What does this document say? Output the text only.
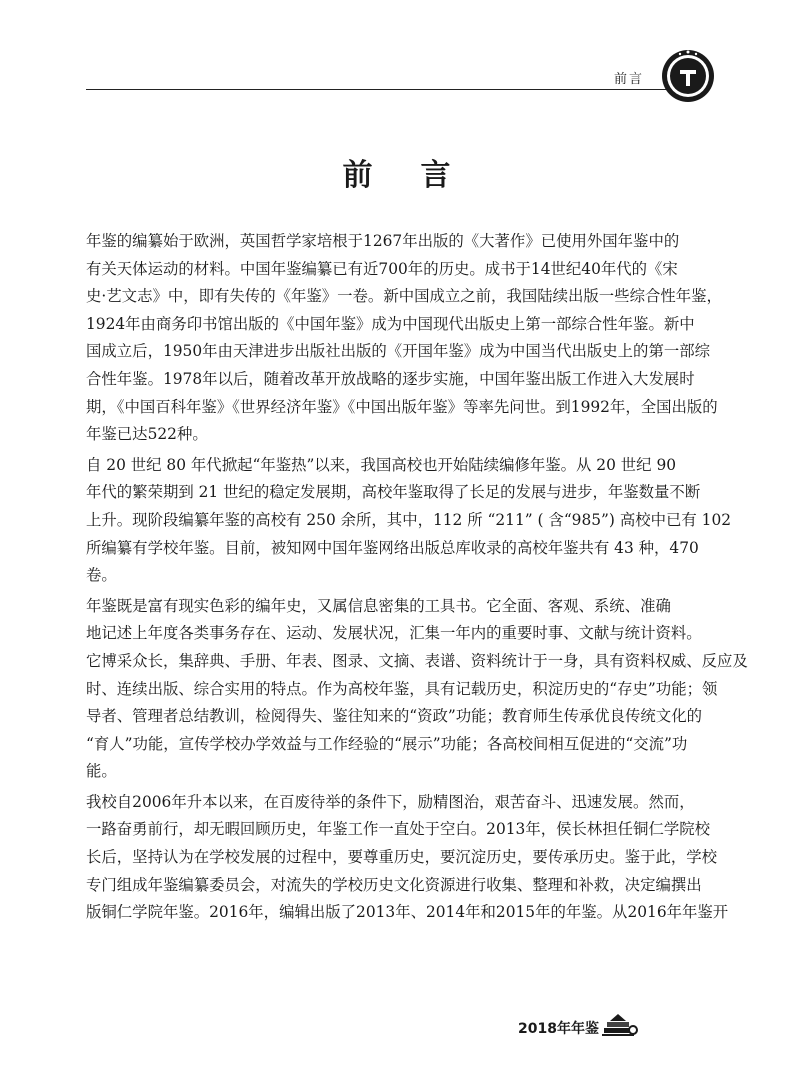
前言
前言

年鉴的编纂始于欧洲，英国哲学家培根于1267年出版的《大著作》已使用外国年鉴中的
有关天体运动的材料。中国年鉴编纂已有近700年的历史。成书于14世纪40年代的《宋
史·艺文志》中，即有失传的《年鉴》一卷。新中国成立之前，我国陆续出版一些综合性年鉴，
1924年由商务印书馆出版的《中国年鉴》成为中国现代出版史上第一部综合性年鉴。新中
国成立后，1950年由天津进步出版社出版的《开国年鉴》成为中国当代出版史上的第一部综
合性年鉴。1978年以后，随着改革开放战略的逐步实施，中国年鉴出版工作进入大发展时
期，《中国百科年鉴》《世界经济年鉴》《中国出版年鉴》等率先问世。到1992年，全国出版的
年鉴已达522种。

自 20 世纪 80 年代掀起“年鉴热”以来，我国高校也开始陆续编修年鉴。从 20 世纪 90
年代的繁荣期到 21 世纪的稳定发展期，高校年鉴取得了长足的发展与进步，年鉴数量不断
上升。现阶段编纂年鉴的高校有 250 余所，其中，112 所 “211” ( 含“985”) 高校中已有 102
所编纂有学校年鉴。目前，被知网中国年鉴网络出版总库收录的高校年鉴共有 43 种，470
卷。

年鉴既是富有现实色彩的编年史，又属信息密集的工具书。它全面、客观、系统、准确
地记述上年度各类事务存在、运动、发展状况，汇集一年内的重要时事、文献与统计资料。
它博采众长，集辞典、手册、年表、图录、文摘、表谱、资料统计于一身，具有资料权威、反应及
时、连续出版、综合实用的特点。作为高校年鉴，具有记载历史，积淀历史的“存史”功能；领
导者、管理者总结教训，检阅得失、鉴往知来的“资政”功能；教育师生传承优良传统文化的
“育人”功能，宣传学校办学效益与工作经验的“展示”功能；各高校间相互促进的“交流”功
能。

我校自2006年升本以来，在百废待举的条件下，励精图治，艰苦奋斗、迅速发展。然而，
一路奋勇前行，却无暇回顾历史，年鉴工作一直处于空白。2013年，侯长林担任铜仁学院校
长后，坚持认为在学校发展的过程中，要尊重历史，要沉淀历史，要传承历史。鉴于此，学校
专门组成年鉴编纂委员会，对流失的学校历史文化资源进行收集、整理和补救，决定编撰出
版铜仁学院年鉴。2016年，编辑出版了2013年、2014年和2015年的年鉴。从2016年年鉴开

2018年年鉴
